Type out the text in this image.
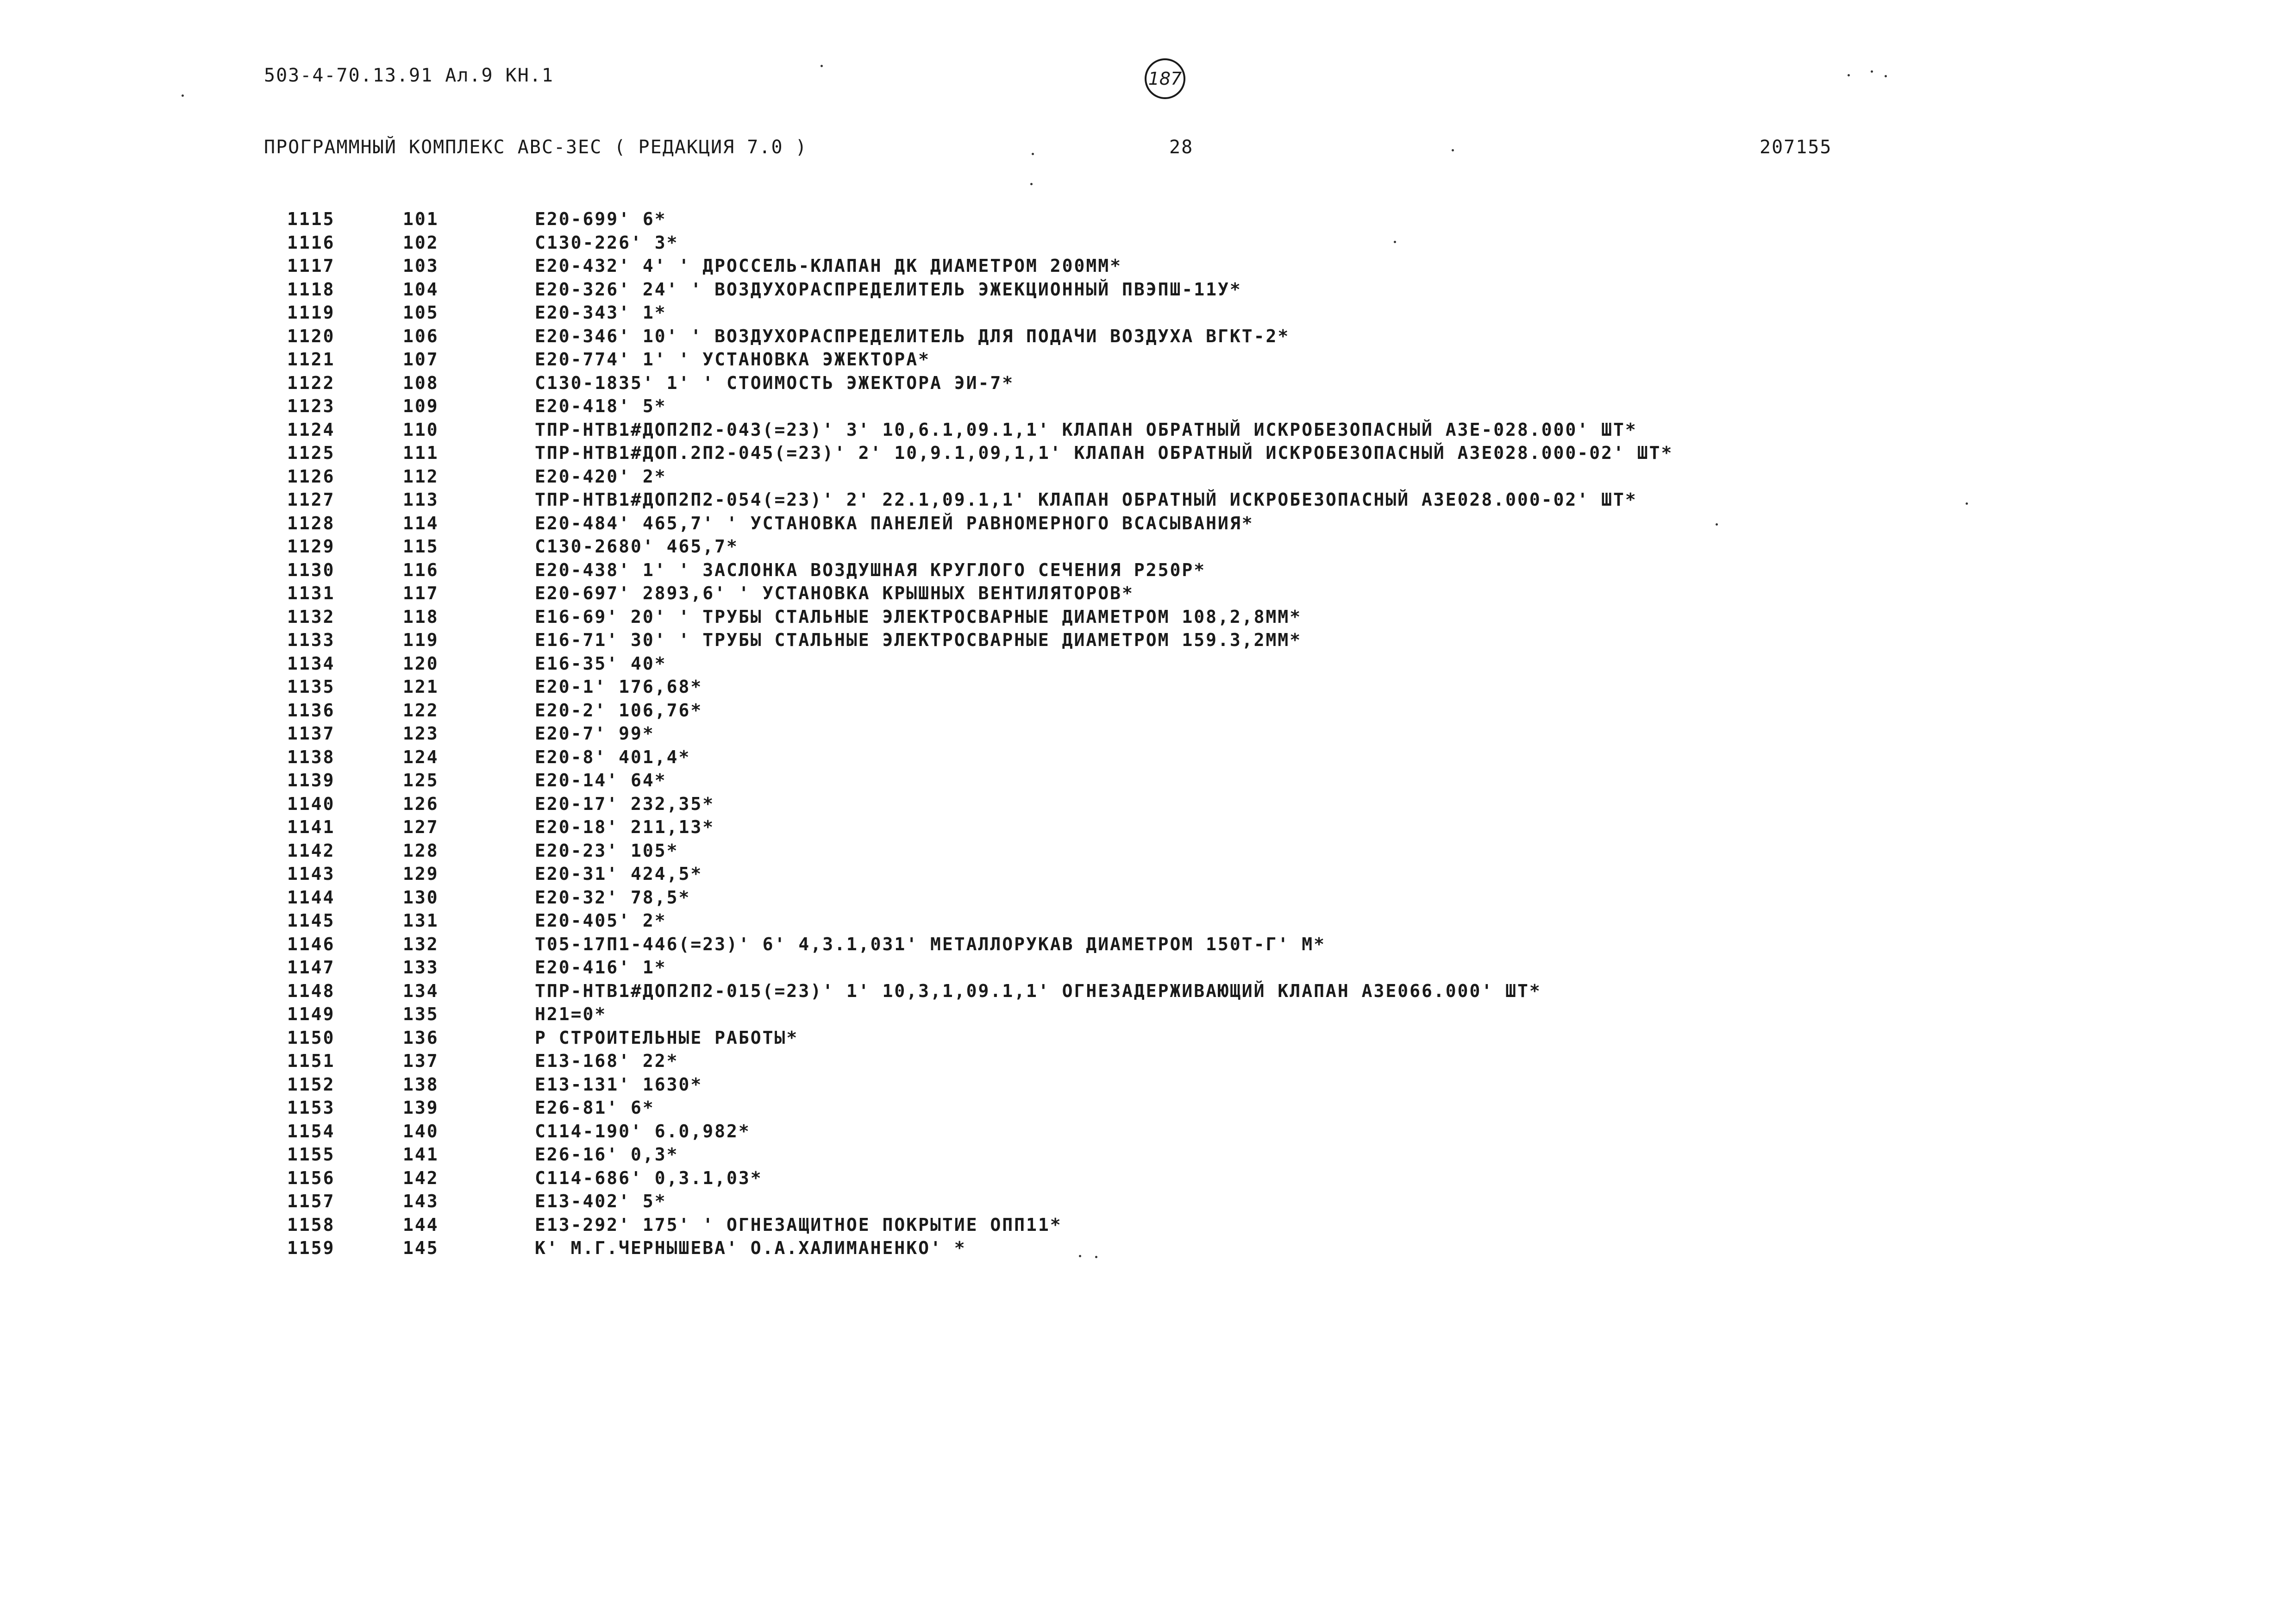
503-4-70.13.91 Ал.9 КН.1	187
ПРОГРАММНЫЙ КОМПЛЕКС АВС-3ЕС ( РЕДАКЦИЯ 7.0 )	28	207155
1115	101	Е20-699' 6*
1116	102	С130-226' 3*
1117	103	Е20-432' 4' ' ДРОССЕЛЬ-КЛАПАН ДК ДИАМЕТРОМ 200ММ*
1118	104	Е20-326' 24' ' ВОЗДУХОРАСПРЕДЕЛИТЕЛЬ ЭЖЕКЦИОННЫЙ ПВЭПШ-11У*
1119	105	Е20-343' 1*
1120	106	Е20-346' 10' ' ВОЗДУХОРАСПРЕДЕЛИТЕЛЬ ДЛЯ ПОДАЧИ ВОЗДУХА ВГКТ-2*
1121	107	Е20-774' 1' ' УСТАНОВКА ЭЖЕКТОРА*
1122	108	С130-1835' 1' ' СТОИМОСТЬ ЭЖЕКТОРА ЭИ-7*
1123	109	Е20-418' 5*
1124	110	ТПР-НТВ1#ДОП2П2-043(=23)' 3' 10,6.1,09.1,1' КЛАПАН ОБРАТНЫЙ ИСКРОБЕЗОПАСНЫЙ АЗЕ-028.000' ШТ*
1125	111	ТПР-НТВ1#ДОП.2П2-045(=23)' 2' 10,9.1,09,1,1' КЛАПАН ОБРАТНЫЙ ИСКРОБЕЗОПАСНЫЙ АЗЕ028.000-02' ШТ*
1126	112	Е20-420' 2*
1127	113	ТПР-НТВ1#ДОП2П2-054(=23)' 2' 22.1,09.1,1' КЛАПАН ОБРАТНЫЙ ИСКРОБЕЗОПАСНЫЙ АЗЕ028.000-02' ШТ*
1128	114	Е20-484' 465,7' ' УСТАНОВКА ПАНЕЛЕЙ РАВНОМЕРНОГО ВСАСЫВАНИЯ*
1129	115	С130-2680' 465,7*
1130	116	Е20-438' 1' ' ЗАСЛОНКА ВОЗДУШНАЯ КРУГЛОГО СЕЧЕНИЯ Р250Р*
1131	117	Е20-697' 2893,6' ' УСТАНОВКА КРЫШНЫХ ВЕНТИЛЯТОРОВ*
1132	118	Е16-69' 20' ' ТРУБЫ СТАЛЬНЫЕ ЭЛЕКТРОСВАРНЫЕ ДИАМЕТРОМ 108,2,8ММ*
1133	119	Е16-71' 30' ' ТРУБЫ СТАЛЬНЫЕ ЭЛЕКТРОСВАРНЫЕ ДИАМЕТРОМ 159.3,2ММ*
1134	120	Е16-35' 40*
1135	121	Е20-1' 176,68*
1136	122	Е20-2' 106,76*
1137	123	Е20-7' 99*
1138	124	Е20-8' 401,4*
1139	125	Е20-14' 64*
1140	126	Е20-17' 232,35*
1141	127	Е20-18' 211,13*
1142	128	Е20-23' 105*
1143	129	Е20-31' 424,5*
1144	130	Е20-32' 78,5*
1145	131	Е20-405' 2*
1146	132	Т05-17П1-446(=23)' 6' 4,3.1,031' МЕТАЛЛОРУКАВ ДИАМЕТРОМ 150Т-Г' М*
1147	133	Е20-416' 1*
1148	134	ТПР-НТВ1#ДОП2П2-015(=23)' 1' 10,3,1,09.1,1' ОГНЕЗАДЕРЖИВАЮЩИЙ КЛАПАН АЗЕ066.000' ШТ*
1149	135	Н21=0*
1150	136	Р СТРОИТЕЛЬНЫЕ РАБОТЫ*
1151	137	Е13-168' 22*
1152	138	Е13-131' 1630*
1153	139	Е26-81' 6*
1154	140	С114-190' 6.0,982*
1155	141	Е26-16' 0,3*
1156	142	С114-686' 0,3.1,03*
1157	143	Е13-402' 5*
1158	144	Е13-292' 175' ' ОГНЕЗАЩИТНОЕ ПОКРЫТИЕ ОПП11*
1159	145	К' М.Г.ЧЕРНЫШЕВА' О.А.ХАЛИМАНЕНКО' *
